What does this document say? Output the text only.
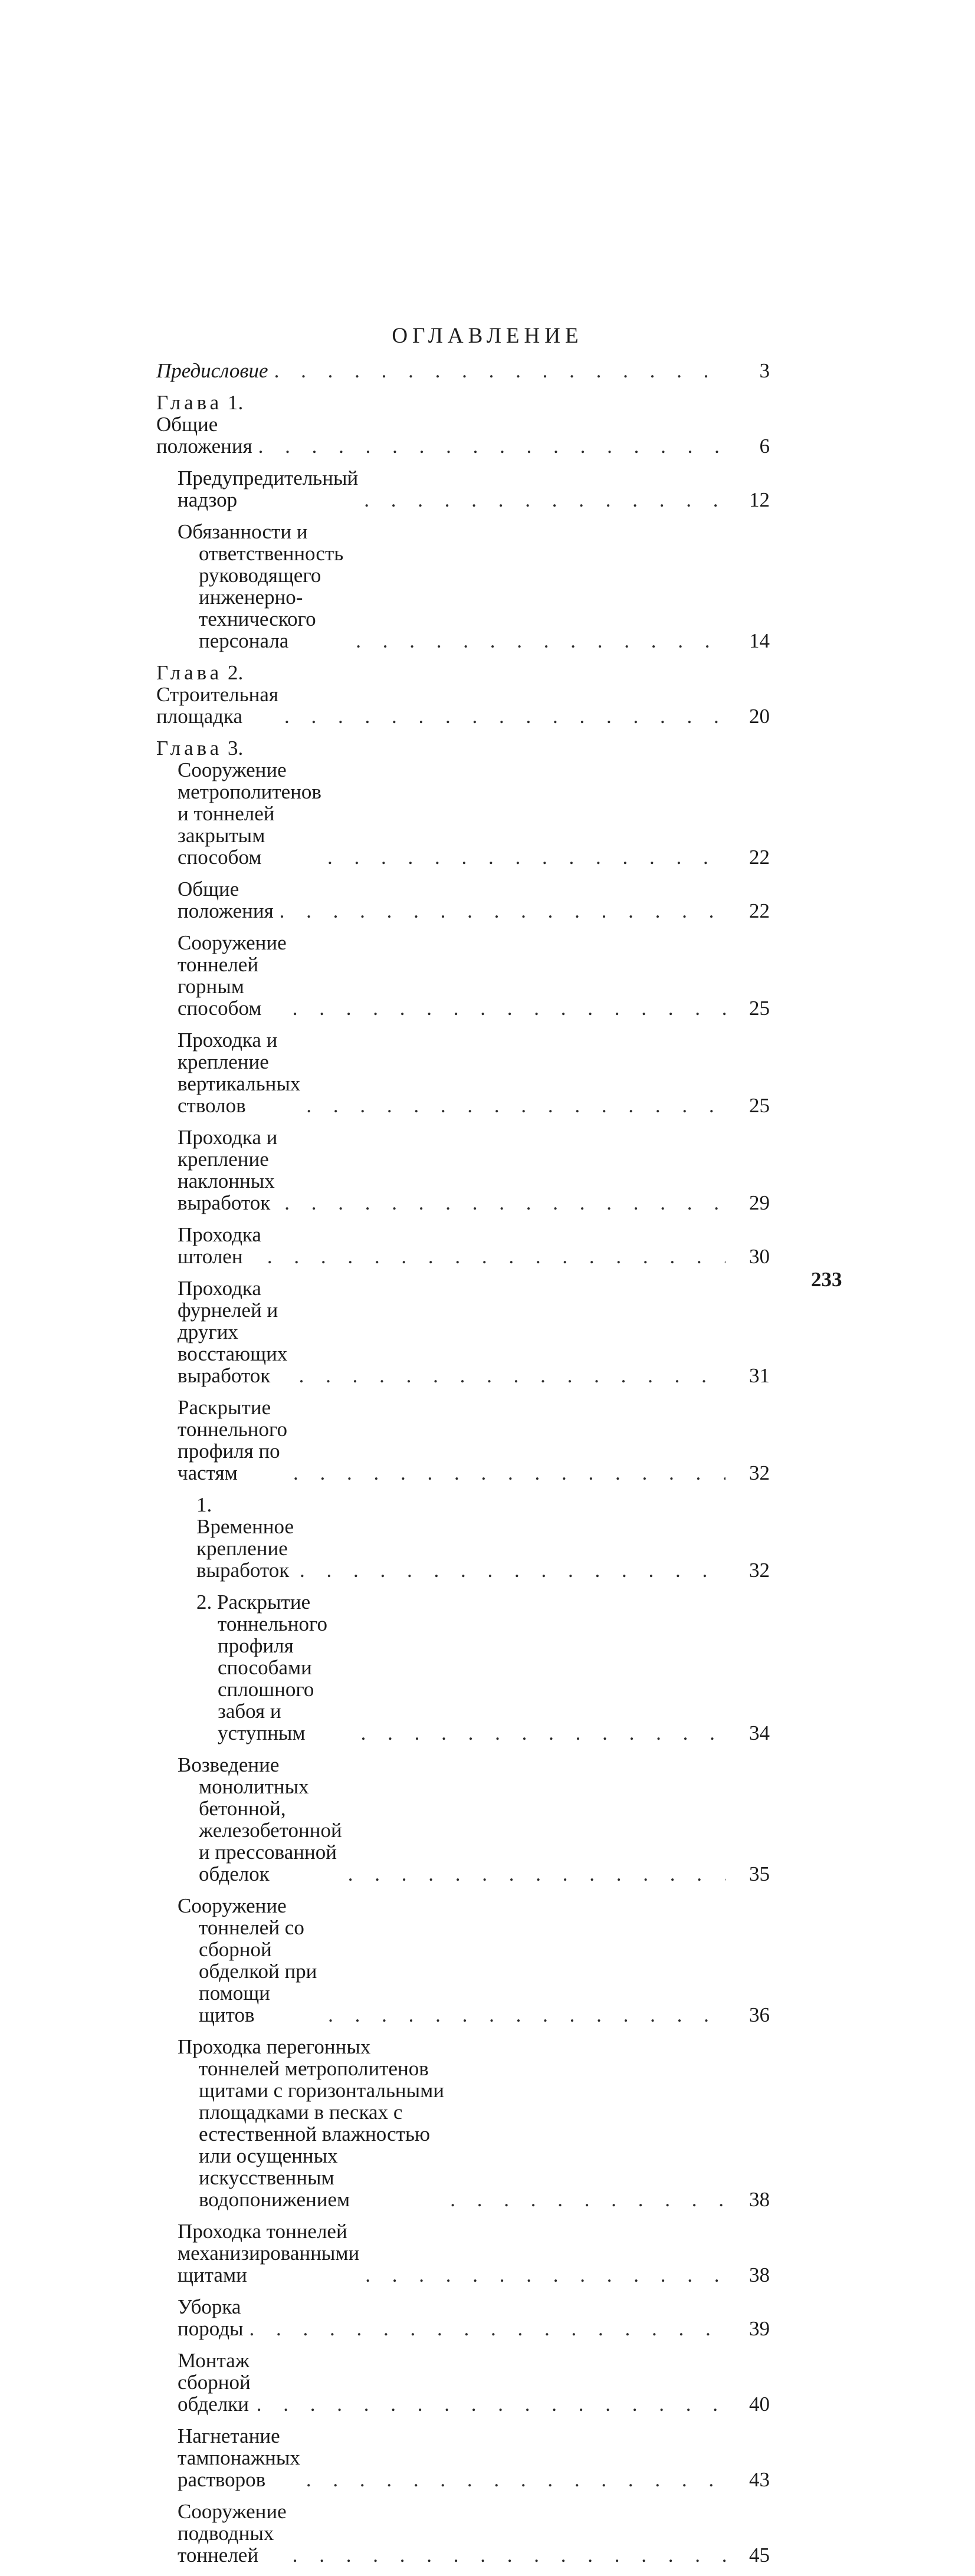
ОГЛАВЛЕНИЕ
Предисловие . . .	3
Глава 1. Общие положения . . .	6
Предупредительный надзор . . .	12
Обязанности и ответственность руководящего инженерно-технического персонала . . .	14
Глава 2. Строительная площадка . . .	20
Глава 3. Сооружение метрополитенов и тоннелей закрытым способом . . .	22
Общие положения . . .	22
Сооружение тоннелей горным способом . . .	25
Проходка и крепление вертикальных стволов . . .	25
Проходка и крепление наклонных выработок . . .	29
Проходка штолен . . .	30
Проходка фурнелей и других восстающих выработок . . .	31
Раскрытие тоннельного профиля по частям . . .	32
1. Временное крепление выработок . . .	32
2. Раскрытие тоннельного профиля способами сплошного забоя и уступным . . .	34
Возведение монолитных бетонной, железобетонной и прессованной обделок . . .	35
Сооружение тоннелей со сборной обделкой при помощи щитов . . .	36
Проходка перегонных тоннелей метрополитенов щитами с горизонтальными площадками в песках с естественной влажностью или осущенных искусственным водопонижением . . .	38
Проходка тоннелей механизированными щитами . . .	38
Уборка породы . . .	39
Монтаж сборной обделки . . .	40
Нагнетание тампонажных растворов . . .	43
Сооружение подводных тоннелей . . .	45
233
